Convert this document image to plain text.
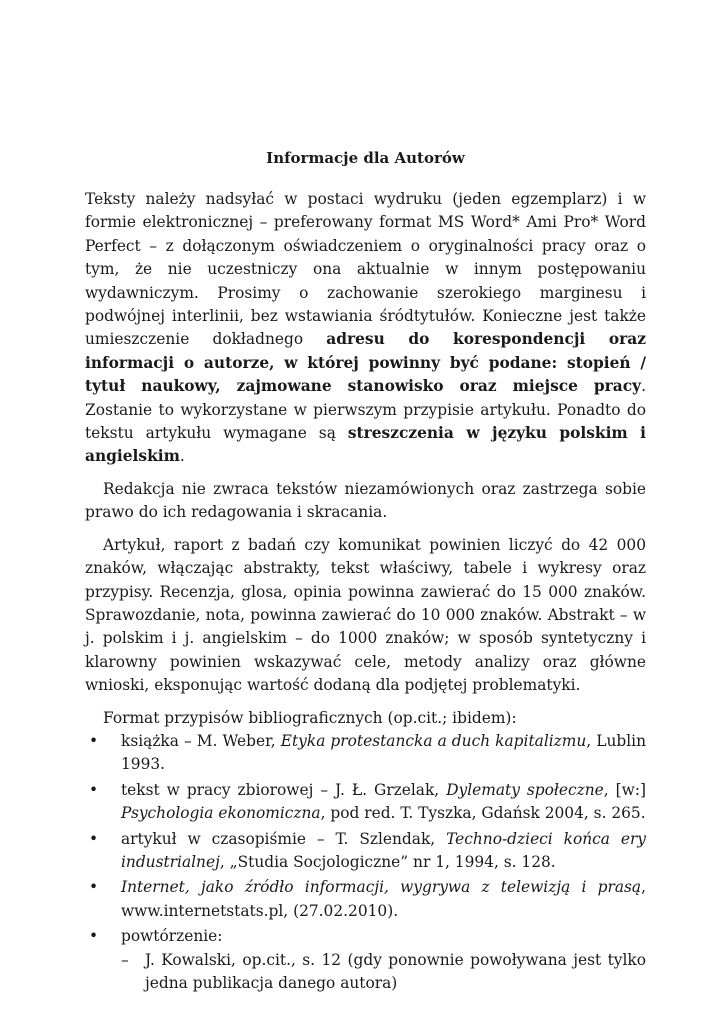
Informacje dla Autorów

Teksty należy nadsyłać w postaci wydruku (jeden egzemplarz) i w formie elektronicznej – preferowany format MS Word* Ami Pro* Word Perfect – z dołączonym oświadczeniem o oryginalności pracy oraz o tym, że nie uczestniczy ona aktualnie w innym postępowaniu wydawniczym. Prosimy o zachowanie szerokiego marginesu i podwójnej interlinii, bez wstawiania śródtytułów. Konieczne jest także umieszczenie dokładnego adresu do korespondencji oraz informacji o autorze, w której powinny być podane: stopień / tytuł naukowy, zajmowane stanowisko oraz miejsce pracy. Zostanie to wykorzystane w pierwszym przypisie artykułu. Ponadto do tekstu artykułu wymagane są streszczenia w języku polskim i angielskim.

Redakcja nie zwraca tekstów niezamówionych oraz zastrzega sobie prawo do ich redagowania i skracania.

Artykuł, raport z badań czy komunikat powinien liczyć do 42 000 znaków, włączając abstrakty, tekst właściwy, tabele i wykresy oraz przypisy. Recenzja, glosa, opinia powinna zawierać do 15 000 znaków. Sprawozdanie, nota, powinna zawierać do 10 000 znaków. Abstrakt – w j. polskim i j. angielskim – do 1000 znaków; w sposób syntetyczny i klarowny powinien wskazywać cele, metody analizy oraz główne wnioski, eksponując wartość dodaną dla podjętej problematyki.

Format przypisów bibliograficznych (op.cit.; ibidem):

• książka – M. Weber, Etyka protestancka a duch kapitalizmu, Lublin 1993.
• tekst w pracy zbiorowej – J. Ł. Grzelak, Dylematy społeczne, [w:] Psychologia ekonomiczna, pod red. T. Tyszka, Gdańsk 2004, s. 265.
• artykuł w czasopiśmie – T. Szlendak, Techno-dzieci końca ery industrialnej, „Studia Socjologiczne” nr 1, 1994, s. 128.
• Internet, jako źródło informacji, wygrywa z telewizją i prasą, www.internetstats.pl, (27.02.2010).
• powtórzenie:
– J. Kowalski, op.cit., s. 12 (gdy ponownie powoływana jest tylko jedna publikacja danego autora)
